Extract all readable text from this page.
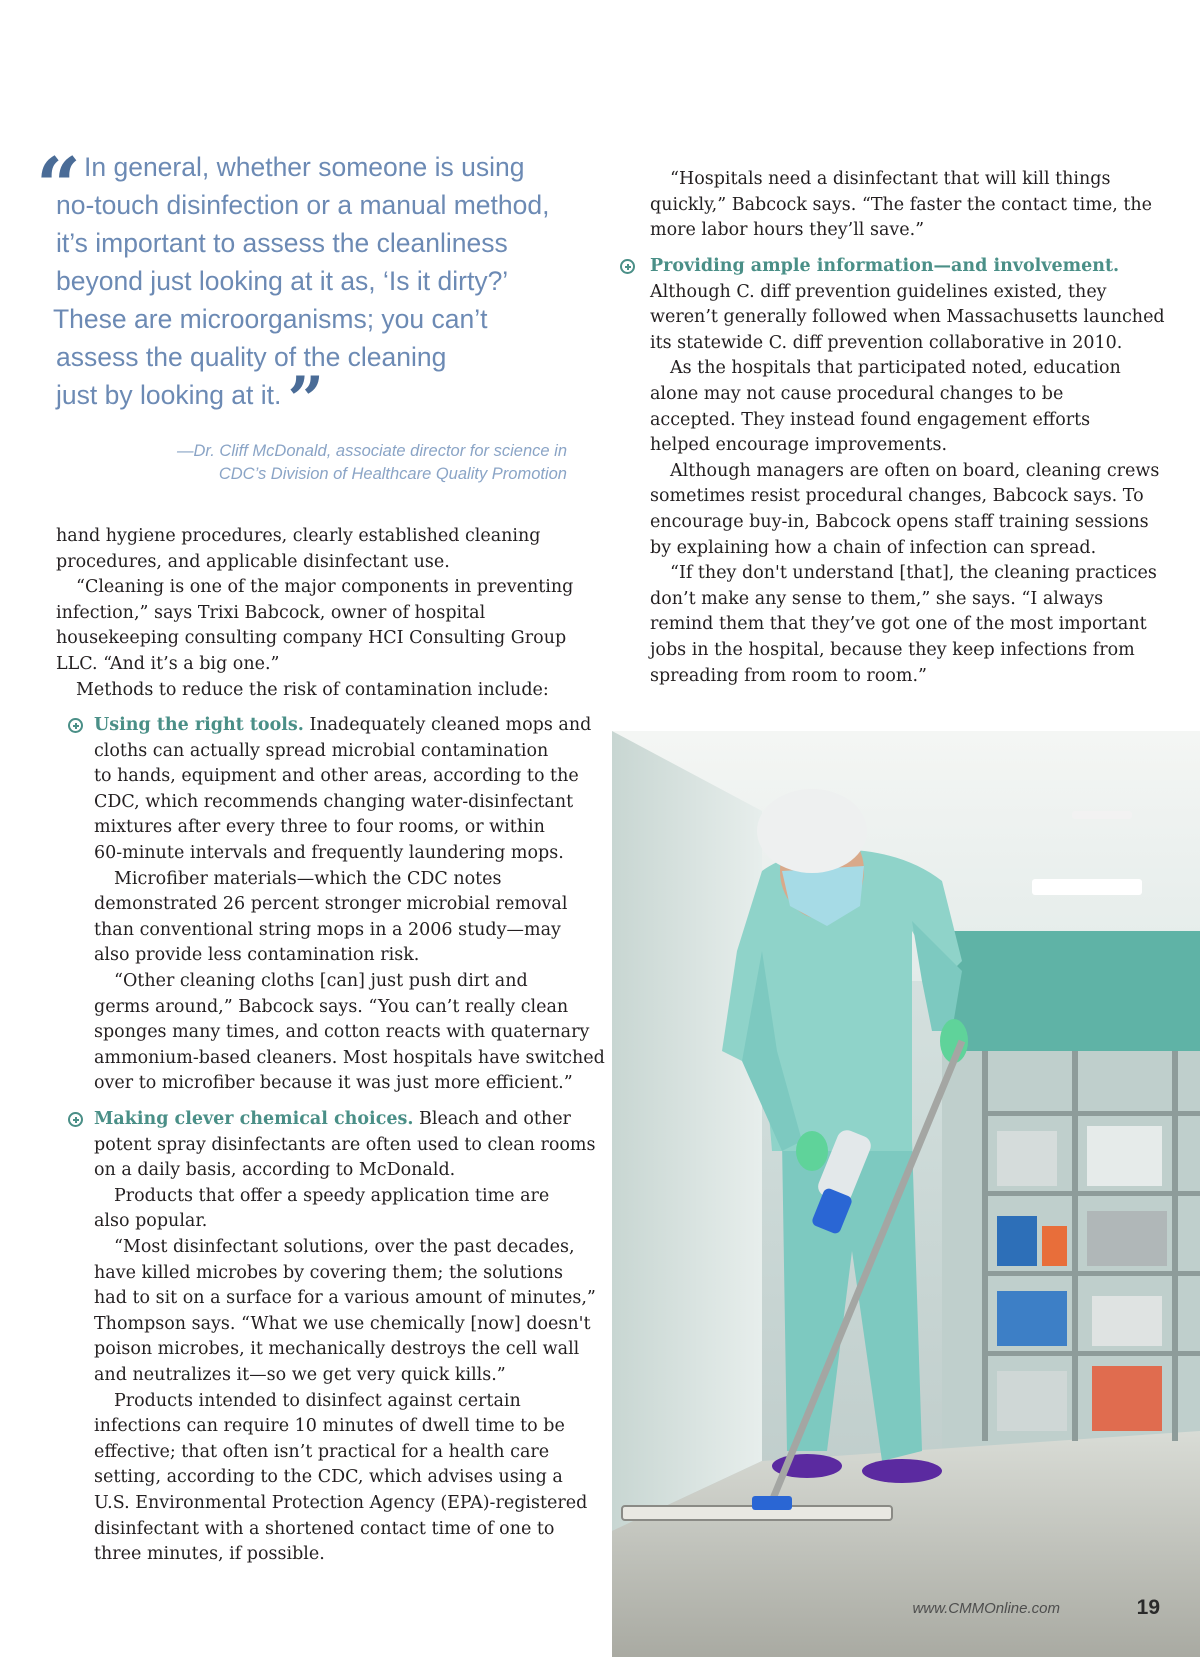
“ In general, whether someone is using
no-touch disinfection or a manual method,
it’s important to assess the cleanliness
beyond just looking at it as, ‘Is it dirty?’
These are microorganisms; you can’t
assess the quality of the cleaning
just by looking at it.”
—Dr. Cliff McDonald, associate director for science in
CDC’s Division of Healthcare Quality Promotion
hand hygiene procedures, clearly established cleaning
procedures, and applicable disinfectant use.
“Cleaning is one of the major components in preventing
infection,” says Trixi Babcock, owner of hospital
housekeeping consulting company HCI Consulting Group
LLC. “And it’s a big one.”
Methods to reduce the risk of contamination include:
Using the right tools. Inadequately cleaned mops and
cloths can actually spread microbial contamination
to hands, equipment and other areas, according to the
CDC, which recommends changing water-disinfectant
mixtures after every three to four rooms, or within
60-minute intervals and frequently laundering mops.
Microfiber materials—which the CDC notes
demonstrated 26 percent stronger microbial removal
than conventional string mops in a 2006 study—may
also provide less contamination risk.
“Other cleaning cloths [can] just push dirt and
germs around,” Babcock says. “You can’t really clean
sponges many times, and cotton reacts with quaternary
ammonium-based cleaners. Most hospitals have switched
over to microfiber because it was just more efficient.”
Making clever chemical choices. Bleach and other
potent spray disinfectants are often used to clean rooms
on a daily basis, according to McDonald.
Products that offer a speedy application time are
also popular.
“Most disinfectant solutions, over the past decades,
have killed microbes by covering them; the solutions
had to sit on a surface for a various amount of minutes,”
Thompson says. “What we use chemically [now] doesn't
poison microbes, it mechanically destroys the cell wall
and neutralizes it—so we get very quick kills.”
Products intended to disinfect against certain
infections can require 10 minutes of dwell time to be
effective; that often isn’t practical for a health care
setting, according to the CDC, which advises using a
U.S. Environmental Protection Agency (EPA)-registered
disinfectant with a shortened contact time of one to
three minutes, if possible.
“Hospitals need a disinfectant that will kill things
quickly,” Babcock says. “The faster the contact time, the
more labor hours they’ll save.”
Providing ample information—and involvement.
Although C. diff prevention guidelines existed, they
weren’t generally followed when Massachusetts launched
its statewide C. diff prevention collaborative in 2010.
As the hospitals that participated noted, education
alone may not cause procedural changes to be
accepted. They instead found engagement efforts
helped encourage improvements.
Although managers are often on board, cleaning crews
sometimes resist procedural changes, Babcock says. To
encourage buy-in, Babcock opens staff training sessions
by explaining how a chain of infection can spread.
“If they don't understand [that], the cleaning practices
don’t make any sense to them,” she says. “I always
remind them that they’ve got one of the most important
jobs in the hospital, because they keep infections from
spreading from room to room.”
www.CMMOnline.com	19
